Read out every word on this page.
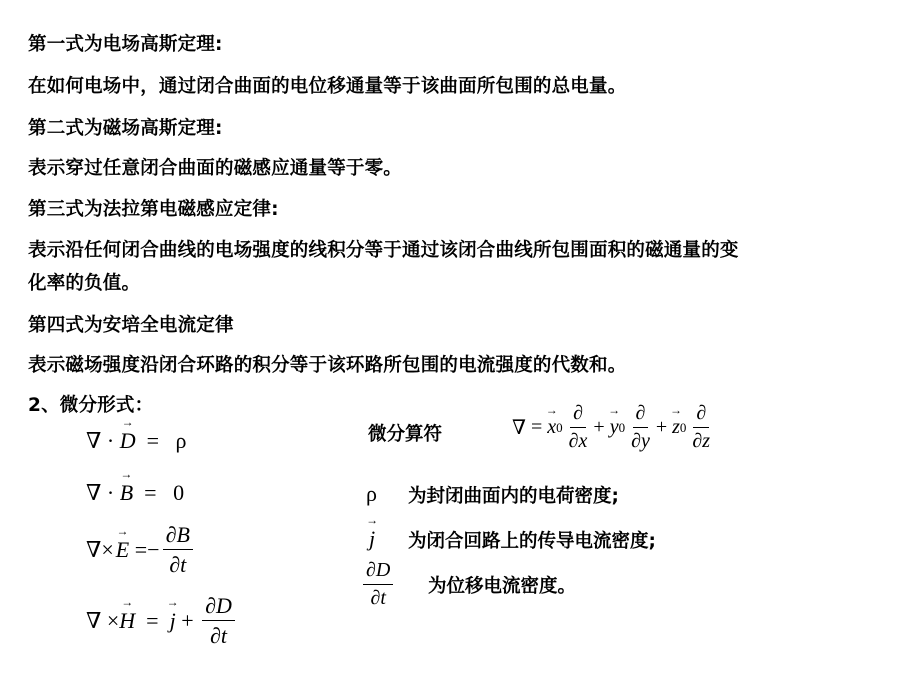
第一式为电场高斯定理:
在如何电场中，通过闭合曲面的电位移通量等于该曲面所包围的总电量。
第二式为磁场高斯定理:
表示穿过任意闭合曲面的磁感应通量等于零。
第三式为法拉第电磁感应定律:
表示沿任何闭合曲线的电场强度的线积分等于通过该闭合曲线所包围面积的磁通量的变
化率的负值。
第四式为安培全电流定律
表示磁场强度沿闭合环路的积分等于该环路所包围的电流强度的代数和。
2、微分形式：
∇ · → D  =   ρ
∇ · → B  =   0
∇× → E = − $\frac{\partial B}{\partial t}$
∇ × → H = → $j + \frac{\partial D}{\partial t}$
微分算符	∇ = → x $0 \frac{\partial}{\partial x}$ + → y $0 \frac{\partial}{\partial y}$ + → z $0 \frac{\partial}{\partial z}$
ρ 为封闭曲面内的电荷密度;
→ j 为闭合回路上的传导电流密度;
$\frac{\partial D}{\partial t}$ 为位移电流密度。
